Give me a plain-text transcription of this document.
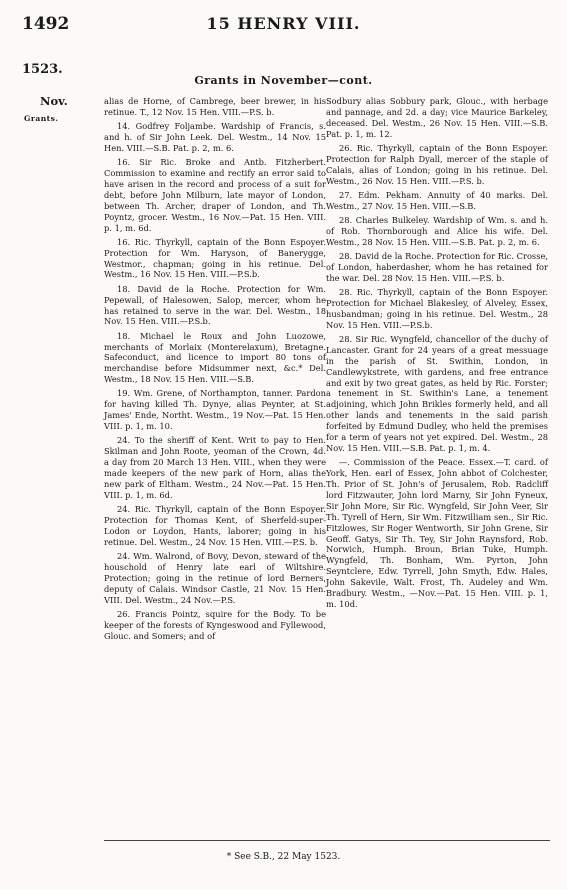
1492	15 HENRY VIII.
1523.
Grants in November—cont.
Nov.
Grants.

alias de Horne, of Cambrege, beer brewer, in his retinue. T., 12 Nov. 15 Hen. VIII.—P.S. b.

14. Godfrey Foljambe. Wardship of Francis, s. and h. of Sir John Leek. Del. Westm., 14 Nov. 15 Hen. VIII.—S.B. Pat. p. 2, m. 6.

16. Sir Ric. Broke and Antb. Fitzherbert. Commission to examine and rectify an error said to have arisen in the record and process of a suit for debt, before John Milburn, late mayor of London, between Th. Archer, draper of London, and Th. Poyntz, grocer. Westm., 16 Nov.—Pat. 15 Hen. VIII. p. 1, m. 6d.

16. Ric. Thyrkyll, captain of the Bonn Espoyer. Protection for Wm. Haryson, of Banerygge, Westmor., chapman; going in his retinue. Del. Westm., 16 Nov. 15 Hen. VIII.—P.S.b.

18. David de la Roche. Protection for Wm. Pepewall, of Halesowen, Salop, mercer, whom he has retained to serve in the war. Del. Westm., 18 Nov. 15 Hen. VIII.—P.S.b.

18. Michael le Roux and John Luozowe, merchants of Morlaix (Monterelaxum), Bretagne. Safeconduct, and licence to import 80 tons of merchandise before Midsummer next, &c.* Del. Westm., 18 Nov. 15 Hen. VIII.—S.B.

19. Wm. Grene, of Northampton, tanner. Pardon for having killed Th. Dynye, alias Peynter, at St. James' Ende, Northt. Westm., 19 Nov.—Pat. 15 Hen. VIII. p. 1, m. 10.

24. To the sheriff of Kent. Writ to pay to Hen. Skilman and John Roote, yeoman of the Crown, 4d. a day from 20 March 13 Hen. VIII., when they were made keepers of the new park of Horn, alias the new park of Eltham. Westm., 24 Nov.—Pat. 15 Hen. VIII. p. 1, m. 6d.

24. Ric. Thyrkyll, captain of the Bonn Espoyer. Protection for Thomas Kent, of Sherfeld-super-Lodon or Loydon, Hants, laborer; going in his retinue. Del. Westm., 24 Nov. 15 Hen. VIII.—P.S. b.

24. Wm. Walrond, of Bovy, Devon, steward of the houschold of Henry late earl of Wiltshire. Protection; going in the retinue of lord Berners, deputy of Calais. Windsor Castle, 21 Nov. 15 Hen. VIII. Del. Westm., 24 Nov.—P.S.

26. Francis Pointz, squire for the Body. To be keeper of the forests of Kyngeswood and Fyllewood, Glouc. and Somers; and of

Sodbury alias Sobbury park, Glouc., with herbage and pannage, and 2d. a day; vice Maurice Barkeley, deceased. Del. Westm., 26 Nov. 15 Hen. VIII.—S.B. Pat. p. 1, m. 12.

26. Ric. Thyrkyll, captain of the Bonn Espoyer. Protection for Ralph Dyall, mercer of the staple of Calais, alias of London; going in his retinue. Del. Westm., 26 Nov. 15 Hen. VIII.—P.S. b.

27. Edm. Pekham. Annuity of 40 marks. Del. Westm., 27 Nov. 15 Hen. VIII.—S.B.

28. Charles Bulkeley. Wardship of Wm. s. and h. of Rob. Thornborough and Alice his wife. Del. Westm., 28 Nov. 15 Hen. VIII.—S.B. Pat. p. 2, m. 6.

28. David de la Roche. Protection for Ric. Crosse, of London, haberdasher, whom he has retained for the war. Del. 28 Nov. 15 Hen. VIII.—P.S. b.

28. Ric. Thyrkyll, captain of the Bonn Espoyer. Protection for Michael Blakesley, of Alveley, Essex, husbandman; going in his retinue. Del. Westm., 28 Nov. 15 Hen. VIII.—P.S.b.

28. Sir Ric. Wyngfeld, chancellor of the duchy of Lancaster. Grant for 24 years of a great messuage in the parish of St. Swithin, London, in Candlewykstrete, with gardens, and free entrance and exit by two great gates, as held by Ric. Forster; a tenement in St. Swithin's Lane, a tenement adjoining, which John Brikles formerly held, and all other lands and tenements in the said parish forfeited by Edmund Dudley, who held the premises for a term of years not yet expired. Del. Westm., 28 Nov. 15 Hen. VIII.—S.B. Pat. p. 1, m. 4.

—. Commission of the Peace. Essex.—T. card. of York, Hen. earl of Essex, John abbot of Colchester, Th. Prior of St. John's of Jerusalem, Rob. Radcliff lord Fitzwauter, John lord Marny, Sir John Fyneux, Sir John More, Sir Ric. Wyngfeld, Sir John Veer, Sir Th. Tyrell of Hern, Sir Wm. Fitzwilliam sen., Sir Ric. Fitzlowes, Sir Roger Wentworth, Sir John Grene, Sir Geoff. Gatys, Sir Th. Tey, Sir John Raynsford, Rob. Norwich, Humph. Broun, Brian Tuke, Humph. Wyngfeld, Th. Bonham, Wm. Pyrton, John Seyntclere, Edw. Tyrrell, John Smyth, Edw. Hales, John Sakevile, Walt. Frost, Th. Audeley and Wm. Bradbury. Westm., —Nov.—Pat. 15 Hen. VIII. p. 1, m. 10d.

* See S.B., 22 May 1523.
